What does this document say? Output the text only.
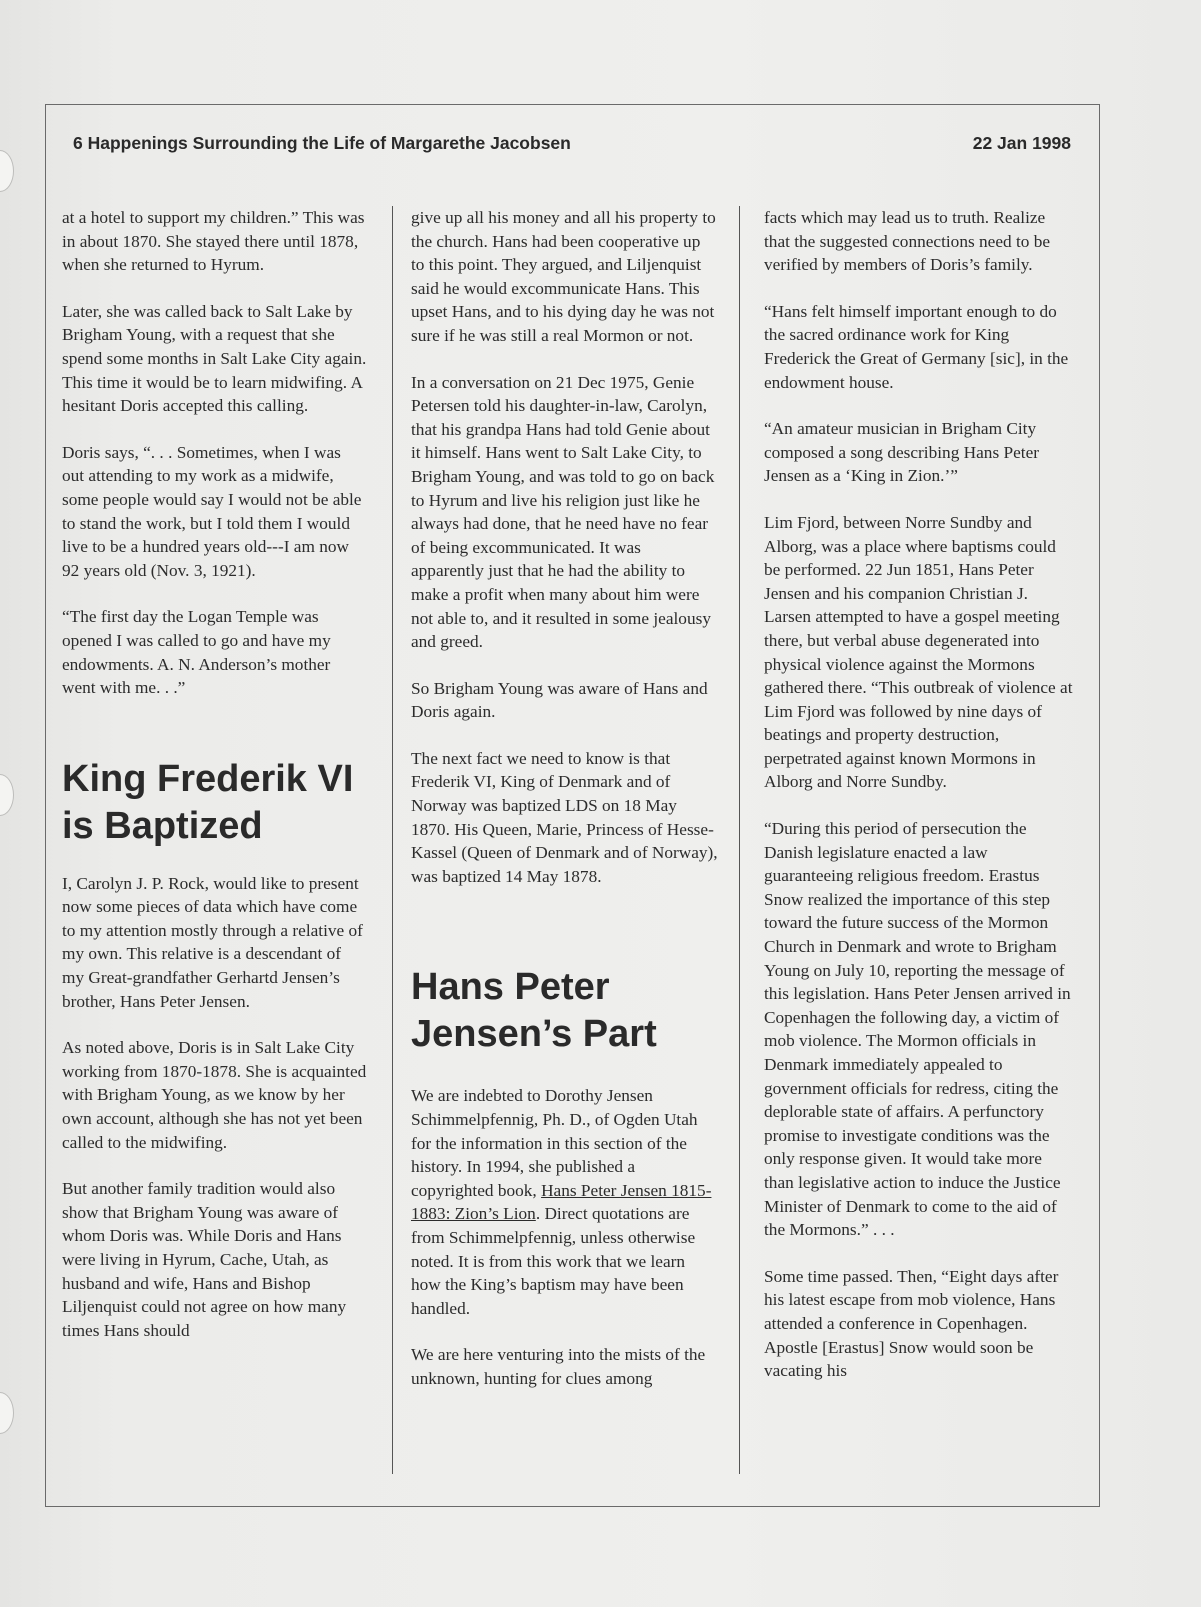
6 Happenings Surrounding the Life of Margarethe Jacobsen	22 Jan 1998

at a hotel to support my children.” This was in about 1870. She stayed there until 1878, when she returned to Hyrum.

Later, she was called back to Salt Lake by Brigham Young, with a request that she spend some months in Salt Lake City again. This time it would be to learn midwifing. A hesitant Doris accepted this calling.

Doris says, “. . . Sometimes, when I was out attending to my work as a midwife, some people would say I would not be able to stand the work, but I told them I would live to be a hundred years old---I am now 92 years old (Nov. 3, 1921).

“The first day the Logan Temple was opened I was called to go and have my endowments. A. N. Anderson’s mother went with me. . .”

King Frederik VI
is Baptized

I, Carolyn J. P. Rock, would like to present now some pieces of data which have come to my attention mostly through a relative of my own. This relative is a descendant of my Great-grandfather Gerhartd Jensen’s brother, Hans Peter Jensen.

As noted above, Doris is in Salt Lake City working from 1870-1878. She is acquainted with Brigham Young, as we know by her own account, although she has not yet been called to the midwifing.

But another family tradition would also show that Brigham Young was aware of whom Doris was. While Doris and Hans were living in Hyrum, Cache, Utah, as husband and wife, Hans and Bishop Liljenquist could not agree on how many times Hans should

give up all his money and all his property to the church. Hans had been cooperative up to this point. They argued, and Liljenquist said he would excommunicate Hans. This upset Hans, and to his dying day he was not sure if he was still a real Mormon or not.

In a conversation on 21 Dec 1975, Genie Petersen told his daughter-in-law, Carolyn, that his grandpa Hans had told Genie about it himself. Hans went to Salt Lake City, to Brigham Young, and was told to go on back to Hyrum and live his religion just like he always had done, that he need have no fear of being excommunicated. It was apparently just that he had the ability to make a profit when many about him were not able to, and it resulted in some jealousy and greed.

So Brigham Young was aware of Hans and Doris again.

The next fact we need to know is that Frederik VI, King of Denmark and of Norway was baptized LDS on 18 May 1870. His Queen, Marie, Princess of Hesse-Kassel (Queen of Denmark and of Norway), was baptized 14 May 1878.

Hans Peter
Jensen’s Part

We are indebted to Dorothy Jensen Schimmelpfennig, Ph. D., of Ogden Utah for the information in this section of the history. In 1994, she published a copyrighted book, Hans Peter Jensen 1815-1883: Zion’s Lion. Direct quotations are from Schimmelpfennig, unless otherwise noted. It is from this work that we learn how the King’s baptism may have been handled.

We are here venturing into the mists of the unknown, hunting for clues among

facts which may lead us to truth. Realize that the suggested connections need to be verified by members of Doris’s family.

“Hans felt himself important enough to do the sacred ordinance work for King Frederick the Great of Germany [sic], in the endowment house.

“An amateur musician in Brigham City composed a song describing Hans Peter Jensen as a ‘King in Zion.’”

Lim Fjord, between Norre Sundby and Alborg, was a place where baptisms could be performed. 22 Jun 1851, Hans Peter Jensen and his companion Christian J. Larsen attempted to have a gospel meeting there, but verbal abuse degenerated into physical violence against the Mormons gathered there. “This outbreak of violence at Lim Fjord was followed by nine days of beatings and property destruction, perpetrated against known Mormons in Alborg and Norre Sundby.

“During this period of persecution the Danish legislature enacted a law guaranteeing religious freedom. Erastus Snow realized the importance of this step toward the future success of the Mormon Church in Denmark and wrote to Brigham Young on July 10, reporting the message of this legislation. Hans Peter Jensen arrived in Copenhagen the following day, a victim of mob violence. The Mormon officials in Denmark immediately appealed to government officials for redress, citing the deplorable state of affairs. A perfunctory promise to investigate conditions was the only response given. It would take more than legislative action to induce the Justice Minister of Denmark to come to the aid of the Mormons.” . . .

Some time passed. Then, “Eight days after his latest escape from mob violence, Hans attended a conference in Copenhagen. Apostle [Erastus] Snow would soon be vacating his
